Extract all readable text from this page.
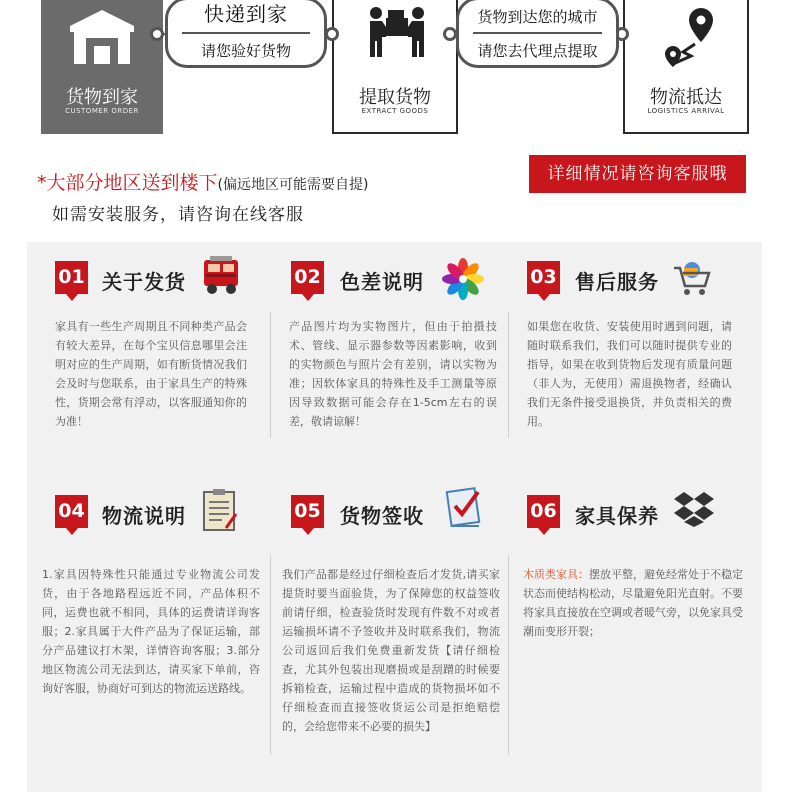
货物到家
CUSTOMER ORDER
提取货物
EXTRACT GOODS
物流抵达
LOGISTICS ARRIVAL
快递到家
请您验好货物
货物到达您的城市
请您去代理点提取
*大部分地区送到楼下(偏远地区可能需要自提)
如需安装服务，请咨询在线客服
详细情况请咨询客服哦
01 关于发货
家具有一些生产周期且不同种类产品会有较大差异，在每个宝贝信息哪里会注明对应的生产周期，如有断货情况我们会及时与您联系，由于家具生产的特殊性，货期会常有浮动，以客服通知你的为准！
02 色差说明
产品图片均为实物图片，但由于拍摄技术、管线、显示器参数等因素影响，收到的实物颜色与照片会有差别，请以实物为准；因软体家具的特殊性及手工测量等原因导致数据可能会存在1-5cm左右的误差，敬请谅解！
03 售后服务
如果您在收货、安装使用时遇到问题，请随时联系我们，我们可以随时提供专业的指导，如果在收到货物后发现有质量问题（非人为，无使用）需退换物者，经确认我们无条件接受退换货，并负责相关的费用。
04 物流说明
1.家具因特殊性只能通过专业物流公司发货，由于各地路程远近不同，产品体积不同，运费也就不相同，具体的运费请详询客服；2.家具属于大件产品为了保证运输，部分产品建议打木架，详情咨询客服；3.部分地区物流公司无法到达，请买家下单前，咨询好客服，协商好可到达的物流运送路线。
05 货物签收
我们产品都是经过仔细检查后才发货,请买家提货时要当面验货，为了保障您的权益签收前请仔细，检查验货时发现有件数不对或者运输损坏请不予签收并及时联系我们，物流公司返回后我们免费重新发货【请仔细检查，尤其外包装出现磨损或是刮蹭的时候要拆箱检查，运输过程中造成的货物损坏如不仔细检查而直接签收货运公司是拒绝赔偿的，会给您带来不必要的损失】
06 家具保养
木质类家具：摆放平整，避免经常处于不稳定状态而使结构松动，尽量避免阳光直射。不要将家具直接放在空调或者暖气旁，以免家具受潮而变形开裂；
